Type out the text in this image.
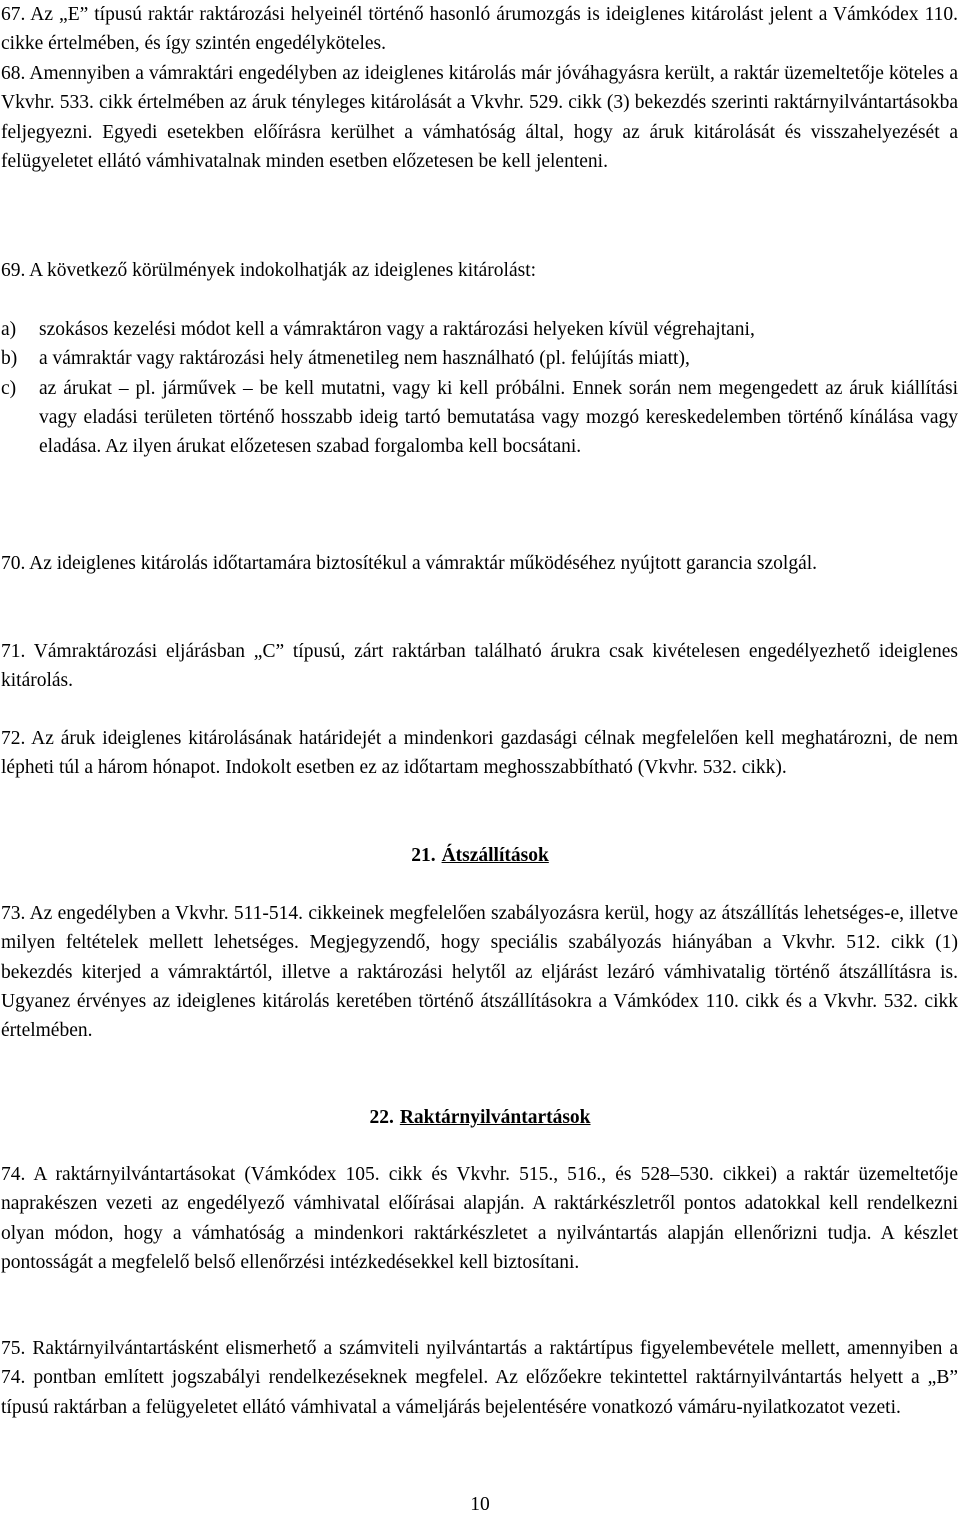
67. Az „E” típusú raktár raktározási helyeinél történő hasonló árumozgás is ideiglenes kitárolást jelent a Vámkódex 110. cikke értelmében, és így szintén engedélyköteles.

68. Amennyiben a vámraktári engedélyben az ideiglenes kitárolás már jóváhagyásra került, a raktár üzemeltetője köteles a Vkvhr. 533. cikk értelmében az áruk tényleges kitárolását a Vkvhr. 529. cikk (3) bekezdés szerinti raktárnyilvántartásokba feljegyezni. Egyedi esetekben előírásra kerülhet a vámhatóság által, hogy az áruk kitárolását és visszahelyezését a felügyeletet ellátó vámhivatalnak minden esetben előzetesen be kell jelenteni.

69. A következő körülmények indokolhatják az ideiglenes kitárolást:

a)	szokásos kezelési módot kell a vámraktáron vagy a raktározási helyeken kívül végrehajtani,
b)	a vámraktár vagy raktározási hely átmenetileg nem használható (pl. felújítás miatt),
c)	az árukat – pl. járművek – be kell mutatni, vagy ki kell próbálni. Ennek során nem megengedett az áruk kiállítási vagy eladási területen történő hosszabb ideig tartó bemutatása vagy mozgó kereskedelemben történő kínálása vagy eladása. Az ilyen árukat előzetesen szabad forgalomba kell bocsátani.

70. Az ideiglenes kitárolás időtartamára biztosítékul a vámraktár működéséhez nyújtott garancia szolgál.

71. Vámraktározási eljárásban „C” típusú, zárt raktárban található árukra csak kivételesen engedélyezhető ideiglenes kitárolás.

72. Az áruk ideiglenes kitárolásának határidejét a mindenkori gazdasági célnak megfelelően kell meghatározni, de nem lépheti túl a három hónapot. Indokolt esetben ez az időtartam meghosszabbítható (Vkvhr. 532. cikk).

21. Átszállítások

73. Az engedélyben a Vkvhr. 511-514. cikkeinek megfelelően szabályozásra kerül, hogy az átszállítás lehetséges-e, illetve milyen feltételek mellett lehetséges. Megjegyzendő, hogy speciális szabályozás hiányában a Vkvhr. 512. cikk (1) bekezdés kiterjed a vámraktártól, illetve a raktározási helytől az eljárást lezáró vámhivatalig történő átszállításra is. Ugyanez érvényes az ideiglenes kitárolás keretében történő átszállításokra a Vámkódex 110. cikk és a Vkvhr. 532. cikk értelmében.

22. Raktárnyilvántartások

74. A raktárnyilvántartásokat (Vámkódex 105. cikk és Vkvhr. 515., 516., és 528–530. cikkei) a raktár üzemeltetője naprakészen vezeti az engedélyező vámhivatal előírásai alapján. A raktárkészletről pontos adatokkal kell rendelkezni olyan módon, hogy a vámhatóság a mindenkori raktárkészletet a nyilvántartás alapján ellenőrizni tudja. A készlet pontosságát a megfelelő belső ellenőrzési intézkedésekkel kell biztosítani.

75. Raktárnyilvántartásként elismerhető a számviteli nyilvántartás a raktártípus figyelembevétele mellett, amennyiben a 74. pontban említett jogszabályi rendelkezéseknek megfelel. Az előzőekre tekintettel raktárnyilvántartás helyett a „B” típusú raktárban a felügyeletet ellátó vámhivatal a vámeljárás bejelentésére vonatkozó vámáru-nyilatkozatot vezeti.

10
